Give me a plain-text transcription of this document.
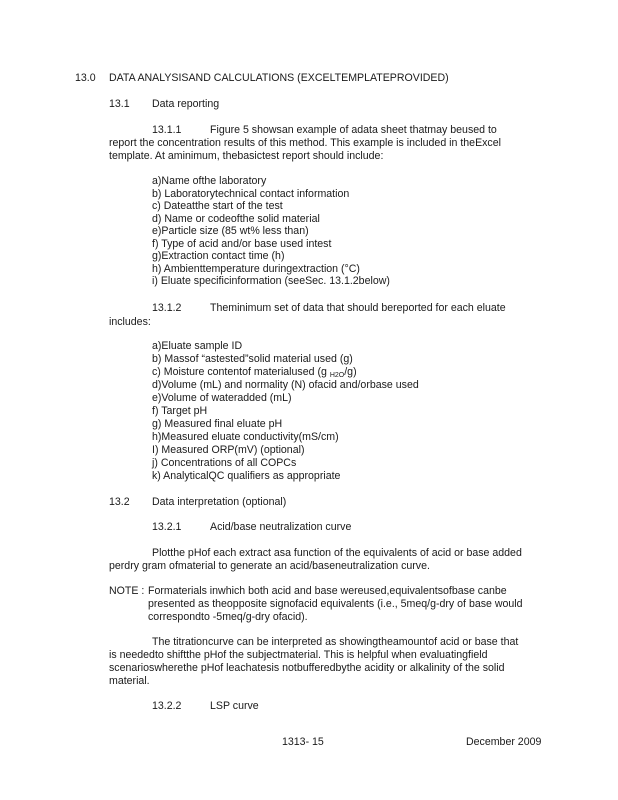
13.0 DATA ANALYSISAND CALCULATIONS (EXCELTEMPLATEPROVIDED)
13.1 Data reporting
13.1.1	Figure 5 showsan example of adata sheet thatmay beused to
report the concentration results of this method. This example is included in theExcel
template. At aminimum, thebasictest report should include:
a)Name ofthe laboratory
b) Laboratorytechnical contact information
c) Dateatthe start of the test
d) Name or codeofthe solid material
e)Particle size (85 wt% less than)
f) Type of acid and/or base used intest
g)Extraction contact time (h)
h) Ambienttemperature duringextraction (°C)
i) Eluate specificinformation (seeSec. 13.1.2below)
13.1.2	Theminimum set of data that should bereported for each eluate
includes:
a)Eluate sample ID
b) Massof “astested”solid material used (g)
c) Moisture contentof materialused (g $_{H2O}$/g)
d)Volume (mL) and normality (N) ofacid and/orbase used
e)Volume of wateradded (mL)
f) Target pH
g) Measured final eluate pH
h)Measured eluate conductivity(mS/cm)
I) Measured ORP(mV) (optional)
j) Concentrations of all COPCs
k) AnalyticalQC qualifiers as appropriate
13.2 Data interpretation (optional)
13.2.1	Acid/base neutralization curve
Plotthe pHof each extract asa function of the equivalents of acid or base added
perdry gram ofmaterial to generate an acid/baseneutralization curve.
NOTE : Formaterials inwhich both acid and base wereused,equivalentsofbase canbe
presented as theopposite signofacid equivalents (i.e., 5meq/g-dry of base would
correspondto -5meq/g-dry ofacid).
The titrationcurve can be interpreted as showingtheamountof acid or base that
is neededto shiftthe pHof the subjectmaterial. This is helpful when evaluatingfield
scenarioswherethe pHof leachatesis notbufferedbythe acidity or alkalinity of the solid
material.
13.2.2	LSP curve
1313- 15	December 2009
